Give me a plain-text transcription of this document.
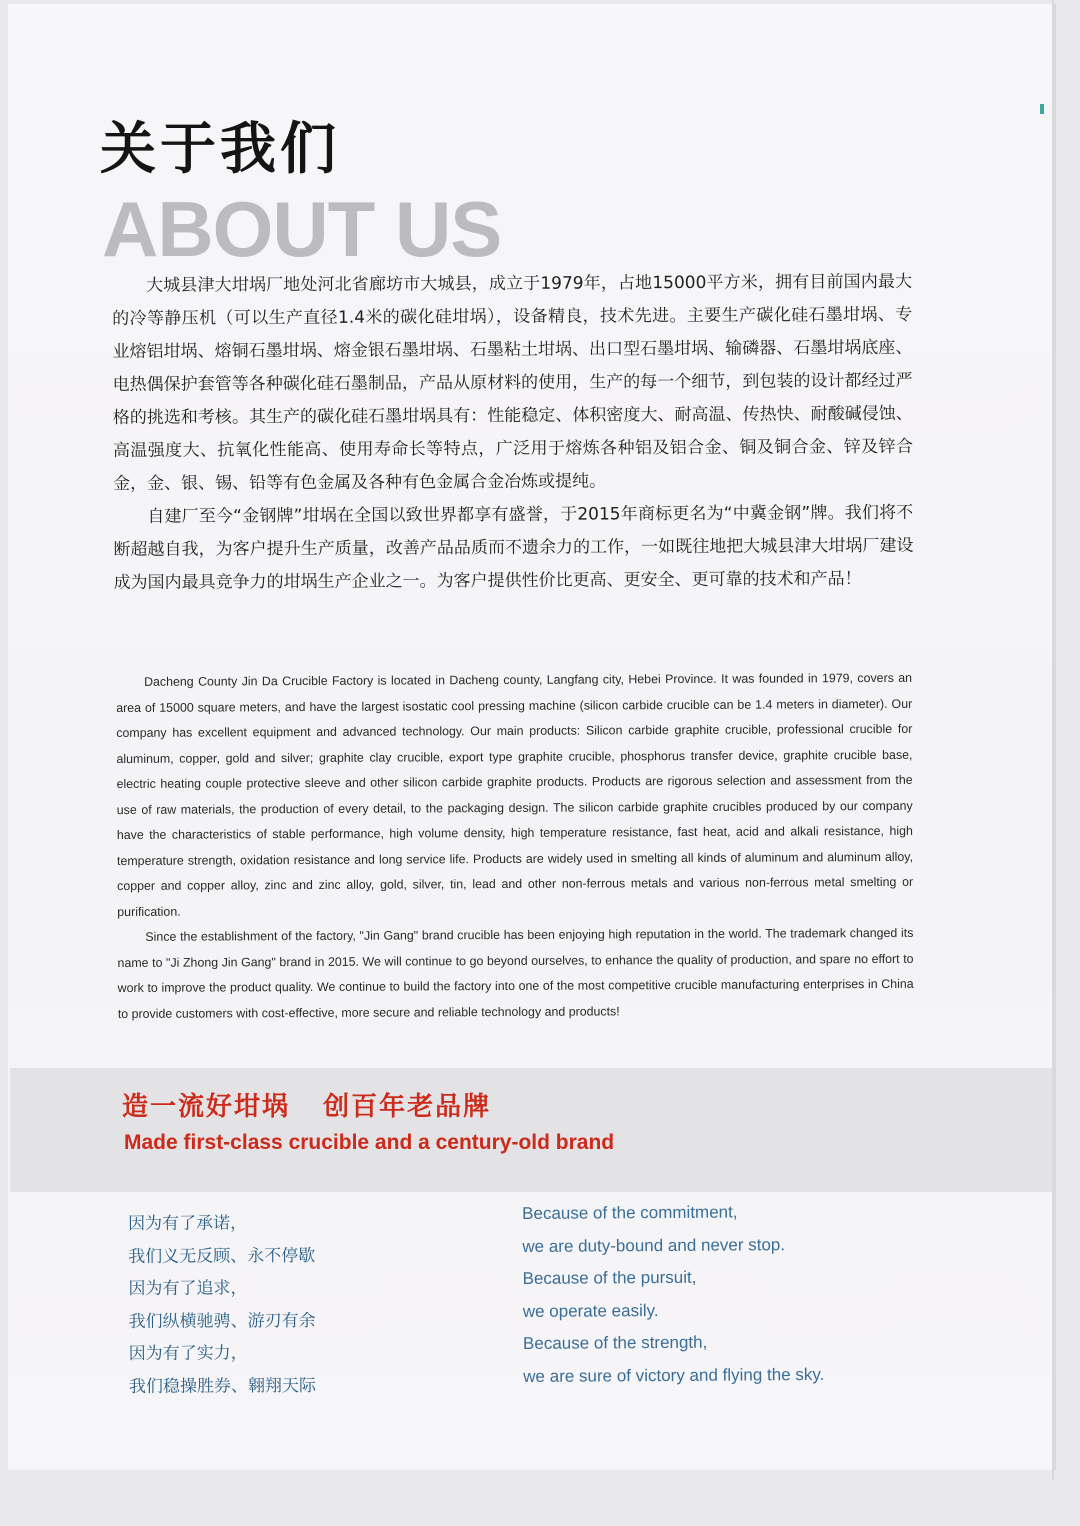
关于我们
ABOUT US

大城县津大坩埚厂地处河北省廊坊市大城县，成立于1979年，占地15000平方米，拥有目前国内最大的冷等静压机（可以生产直径1.4米的碳化硅坩埚），设备精良，技术先进。主要生产碳化硅石墨坩埚、专业熔铝坩埚、熔铜石墨坩埚、熔金银石墨坩埚、石墨粘土坩埚、出口型石墨坩埚、输磷器、石墨坩埚底座、电热偶保护套管等各种碳化硅石墨制品，产品从原材料的使用，生产的每一个细节，到包装的设计都经过严格的挑选和考核。其生产的碳化硅石墨坩埚具有：性能稳定、体积密度大、耐高温、传热快、耐酸碱侵蚀、高温强度大、抗氧化性能高、使用寿命长等特点，广泛用于熔炼各种铝及铝合金、铜及铜合金、锌及锌合金，金、银、锡、铅等有色金属及各种有色金属合金冶炼或提纯。

自建厂至今“金钢牌”坩埚在全国以致世界都享有盛誉，于2015年商标更名为“中冀金钢”牌。我们将不断超越自我，为客户提升生产质量，改善产品品质而不遗余力的工作，一如既往地把大城县津大坩埚厂建设成为国内最具竞争力的坩埚生产企业之一。为客户提供性价比更高、更安全、更可靠的技术和产品！

Dacheng County Jin Da Crucible Factory is located in Dacheng county, Langfang city, Hebei Province. It was founded in 1979, covers an area of 15000 square meters, and have the largest isostatic cool pressing machine (silicon carbide crucible can be 1.4 meters in diameter). Our company has excellent equipment and advanced technology. Our main products: Silicon carbide graphite crucible, professional crucible for aluminum, copper, gold and silver; graphite clay crucible, export type graphite crucible, phosphorus transfer device, graphite crucible base, electric heating couple protective sleeve and other silicon carbide graphite products. Products are rigorous selection and assessment from the use of raw materials, the production of every detail, to the packaging design. The silicon carbide graphite crucibles produced by our company have the characteristics of stable performance, high volume density, high temperature resistance, fast heat, acid and alkali resistance, high temperature strength, oxidation resistance and long service life. Products are widely used in smelting all kinds of aluminum and aluminum alloy, copper and copper alloy, zinc and zinc alloy, gold, silver, tin, lead and other non-ferrous metals and various non-ferrous metal smelting or purification.

Since the establishment of the factory, "Jin Gang" brand crucible has been enjoying high reputation in the world. The trademark changed its name to "Ji Zhong Jin Gang" brand in 2015. We will continue to go beyond ourselves, to enhance the quality of production, and spare no effort to work to improve the product quality. We continue to build the factory into one of the most competitive crucible manufacturing enterprises in China to provide customers with cost-effective, more secure and reliable technology and products!

造一流好坩埚   创百年老品牌
Made first-class crucible and a century-old brand
因为有了承诺，
我们义无反顾、永不停歇
因为有了追求，
我们纵横驰骋、游刃有余
因为有了实力，
我们稳操胜券、翱翔天际
Because of the commitment,
we are duty-bound and never stop.
Because of the pursuit,
we operate easily.
Because of the strength,
we are sure of victory and flying the sky.
